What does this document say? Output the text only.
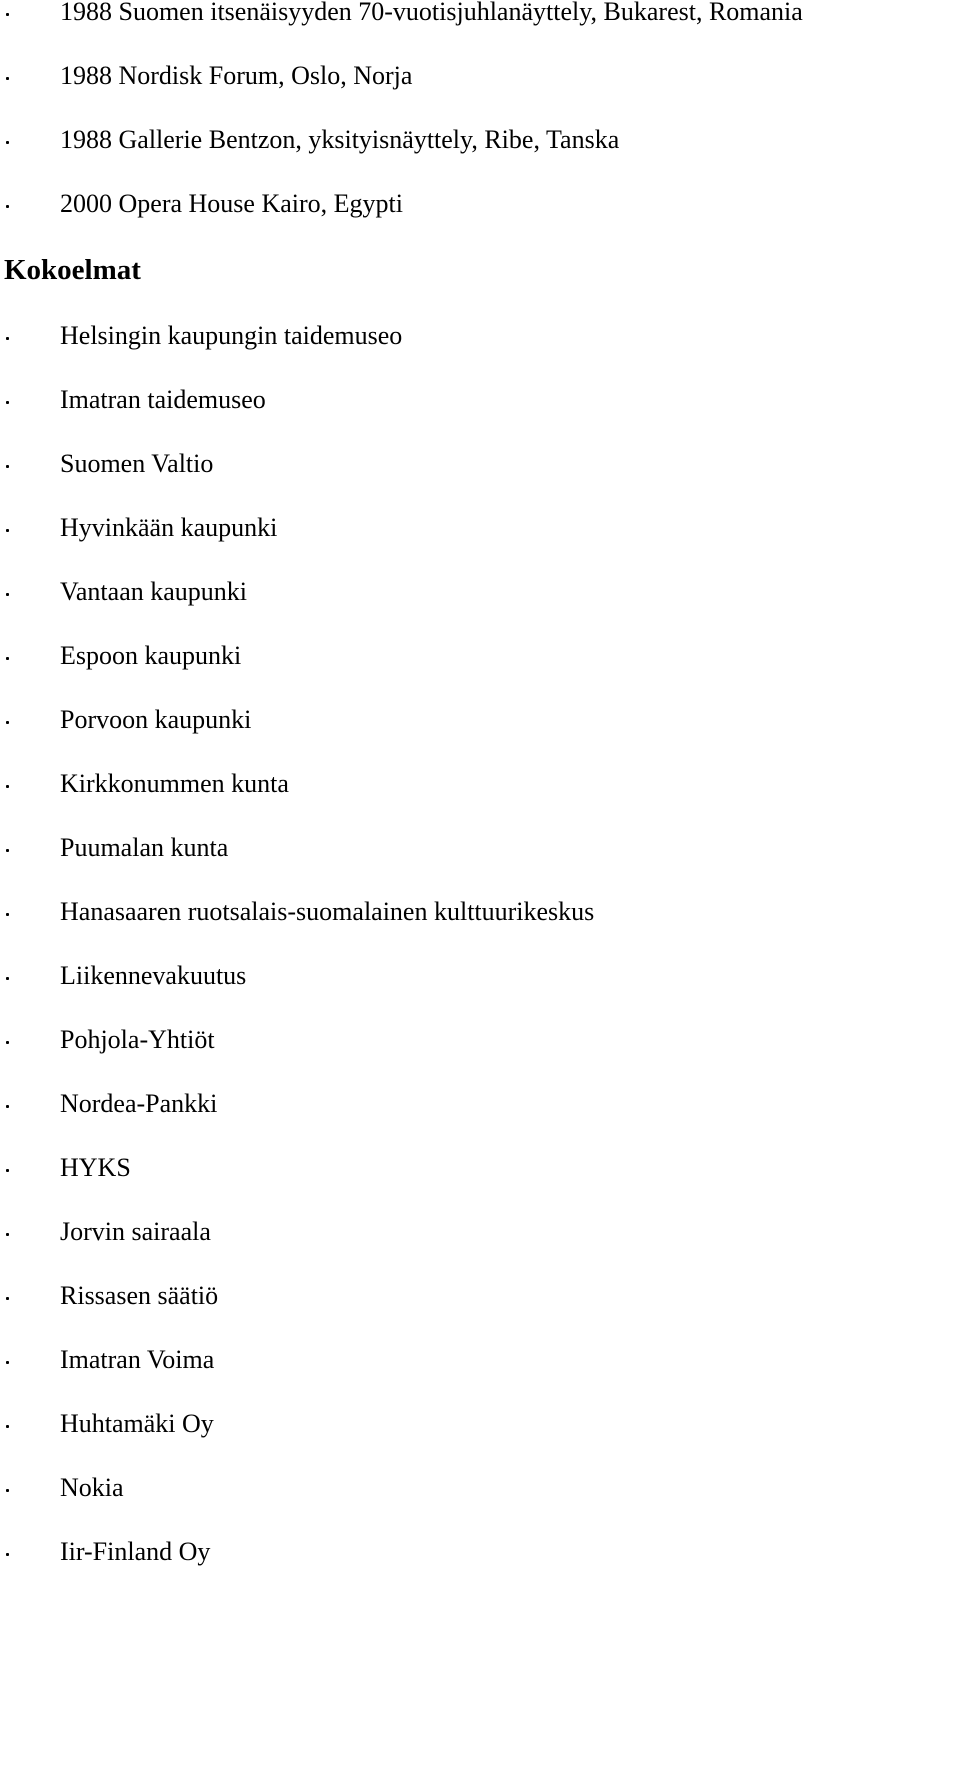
1988 Suomen itsenäisyyden 70-vuotisjuhlanäyttely, Bukarest, Romania
1988 Nordisk Forum, Oslo, Norja
1988 Gallerie Bentzon, yksityisnäyttely, Ribe, Tanska
2000 Opera House Kairo, Egypti
Kokoelmat
Helsingin kaupungin taidemuseo
Imatran taidemuseo
Suomen Valtio
Hyvinkään kaupunki
Vantaan kaupunki
Espoon kaupunki
Porvoon kaupunki
Kirkkonummen kunta
Puumalan kunta
Hanasaaren ruotsalais-suomalainen kulttuurikeskus
Liikennevakuutus
Pohjola-Yhtiöt
Nordea-Pankki
HYKS
Jorvin sairaala
Rissasen säätiö
Imatran Voima
Huhtamäki Oy
Nokia
Iir-Finland Oy
